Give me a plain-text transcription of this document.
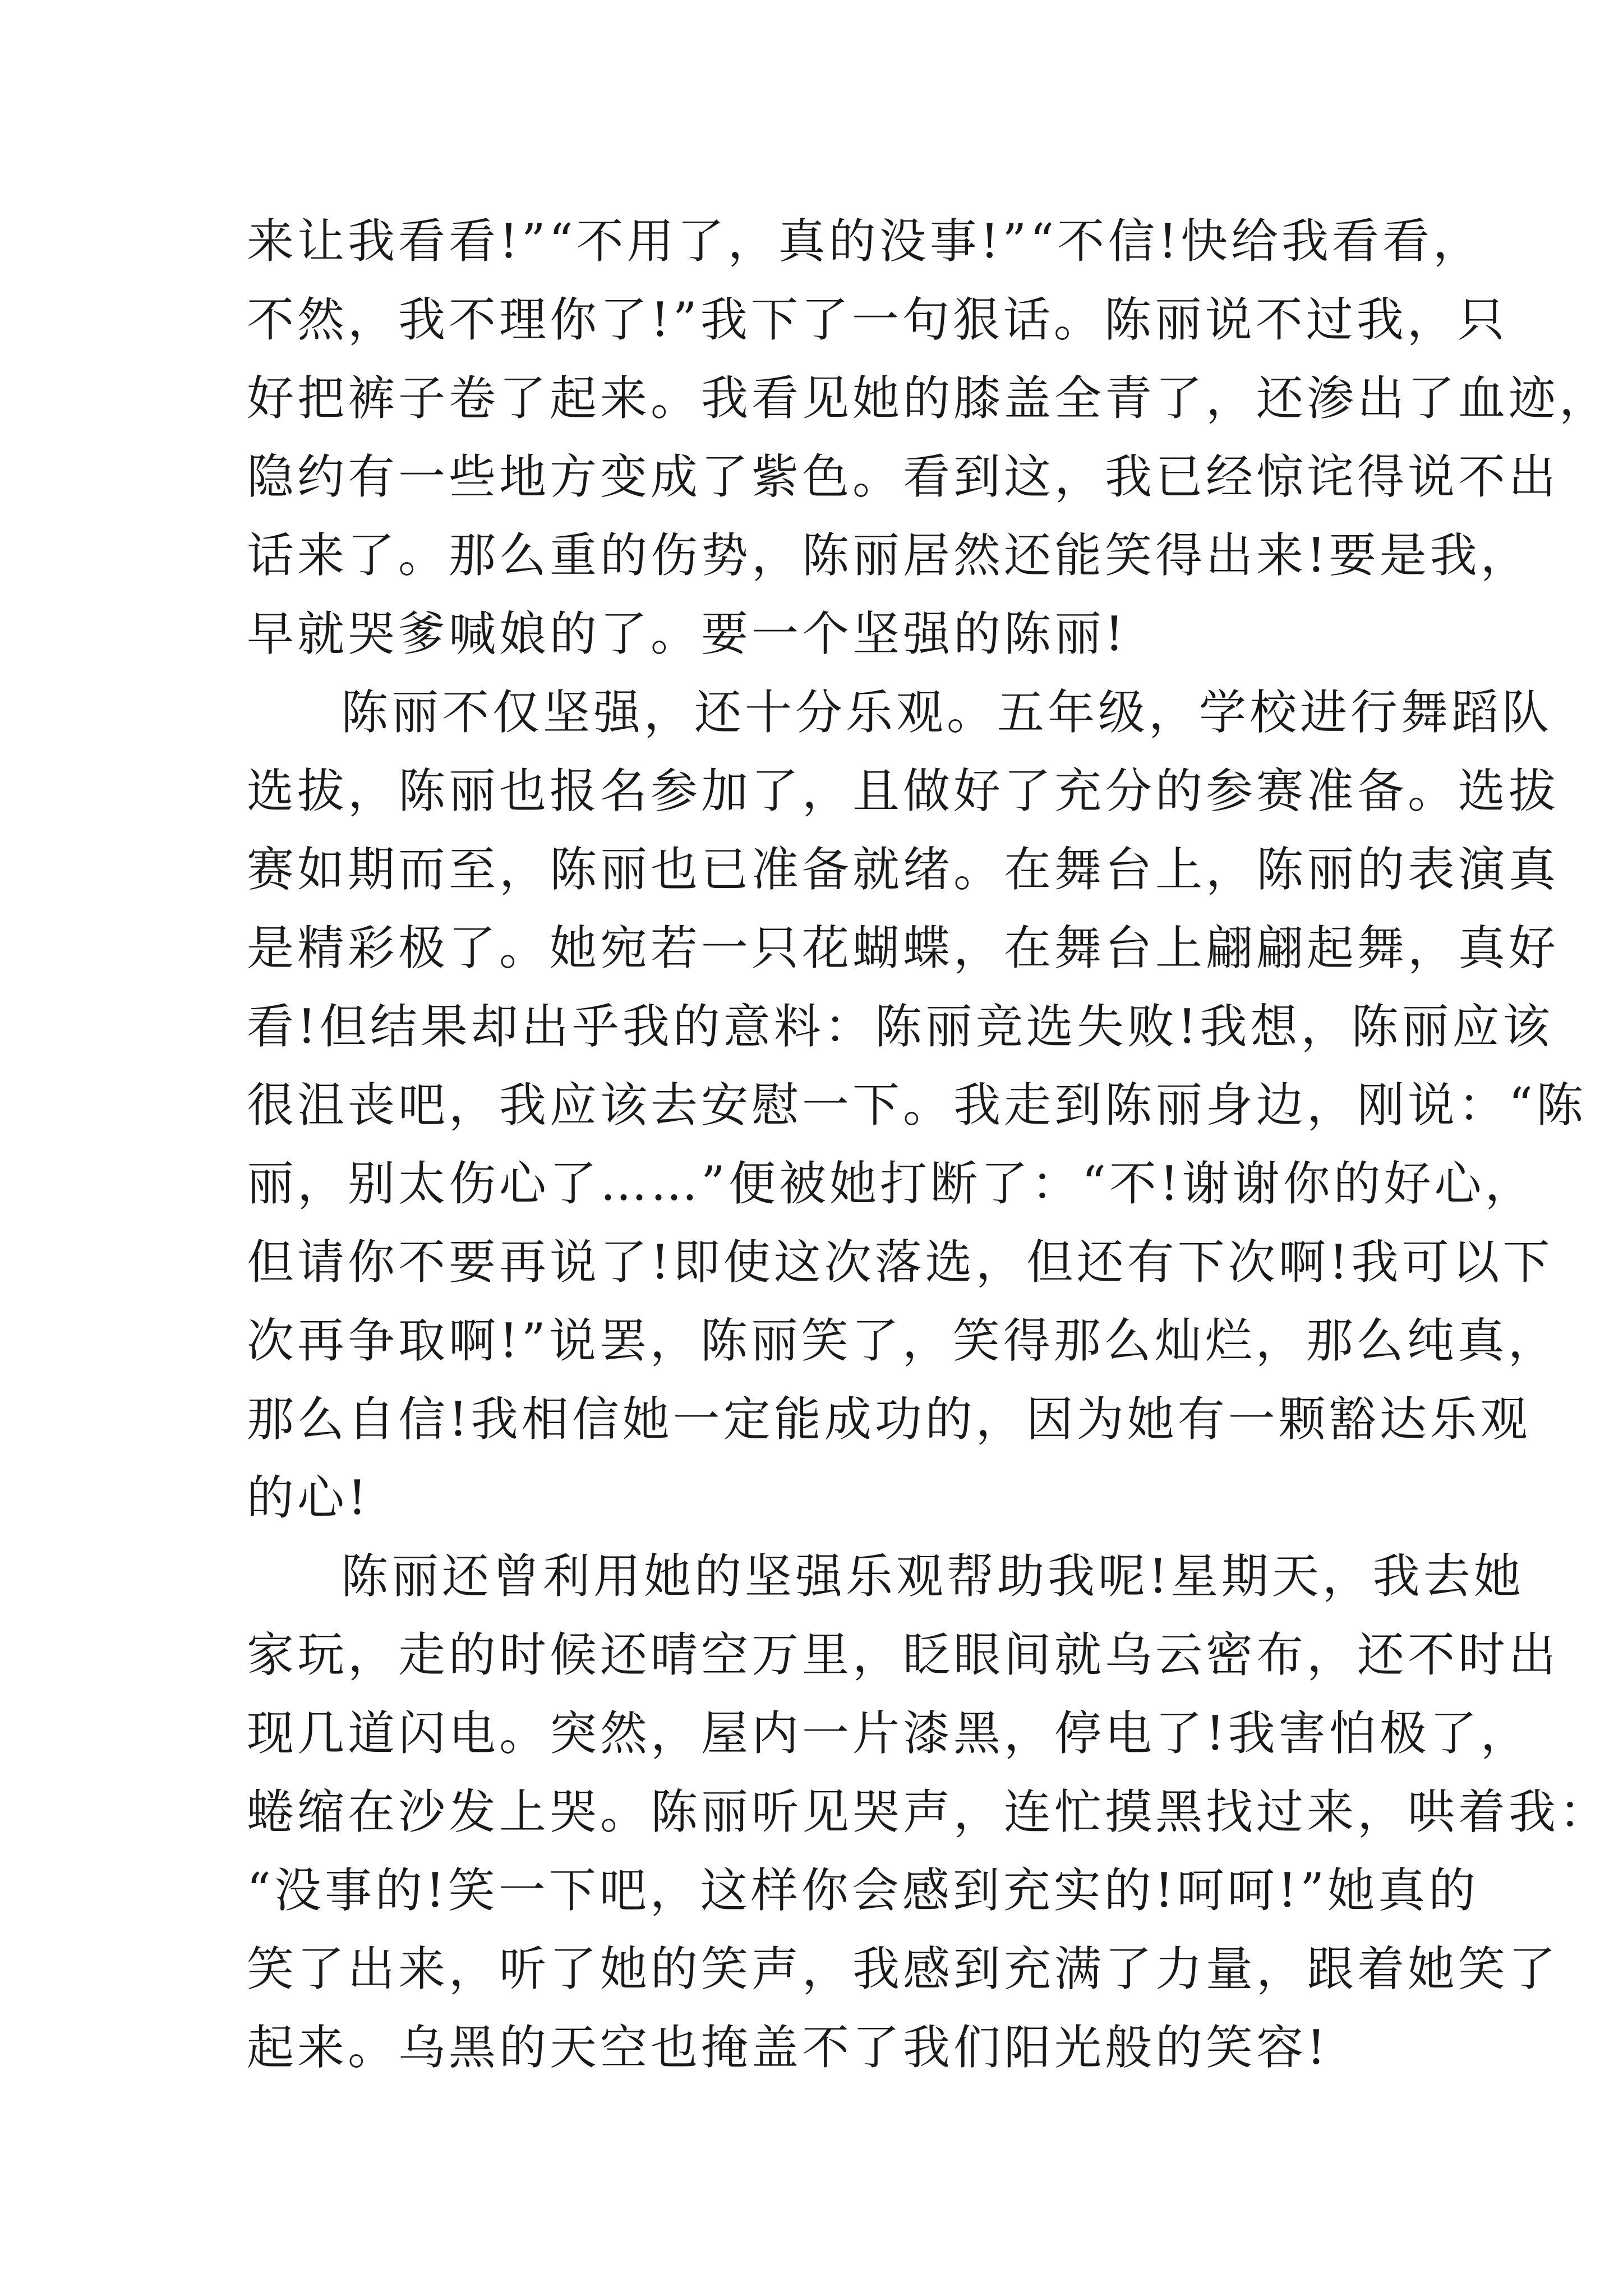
来让我看看!”“不用了，真的没事!”“不信!快给我看看，
不然，我不理你了!”我下了一句狠话。陈丽说不过我，只
好把裤子卷了起来。我看见她的膝盖全青了，还渗出了血迹，
隐约有一些地方变成了紫色。看到这，我已经惊诧得说不出
话来了。那么重的伤势，陈丽居然还能笑得出来!要是我，
早就哭爹喊娘的了。要一个坚强的陈丽!
陈丽不仅坚强，还十分乐观。五年级，学校进行舞蹈队
选拔，陈丽也报名参加了，且做好了充分的参赛准备。选拔
赛如期而至，陈丽也已准备就绪。在舞台上，陈丽的表演真
是精彩极了。她宛若一只花蝴蝶，在舞台上翩翩起舞，真好
看!但结果却出乎我的意料：陈丽竞选失败!我想，陈丽应该
很沮丧吧，我应该去安慰一下。我走到陈丽身边，刚说：“陈
丽，别太伤心了……”便被她打断了：“不!谢谢你的好心，
但请你不要再说了!即使这次落选，但还有下次啊!我可以下
次再争取啊!”说罢，陈丽笑了，笑得那么灿烂，那么纯真，
那么自信!我相信她一定能成功的，因为她有一颗豁达乐观
的心!
陈丽还曾利用她的坚强乐观帮助我呢!星期天，我去她
家玩，走的时候还晴空万里，眨眼间就乌云密布，还不时出
现几道闪电。突然，屋内一片漆黑，停电了!我害怕极了，
蜷缩在沙发上哭。陈丽听见哭声，连忙摸黑找过来，哄着我：
“没事的!笑一下吧，这样你会感到充实的!呵呵!”她真的
笑了出来，听了她的笑声，我感到充满了力量，跟着她笑了
起来。乌黑的天空也掩盖不了我们阳光般的笑容!
